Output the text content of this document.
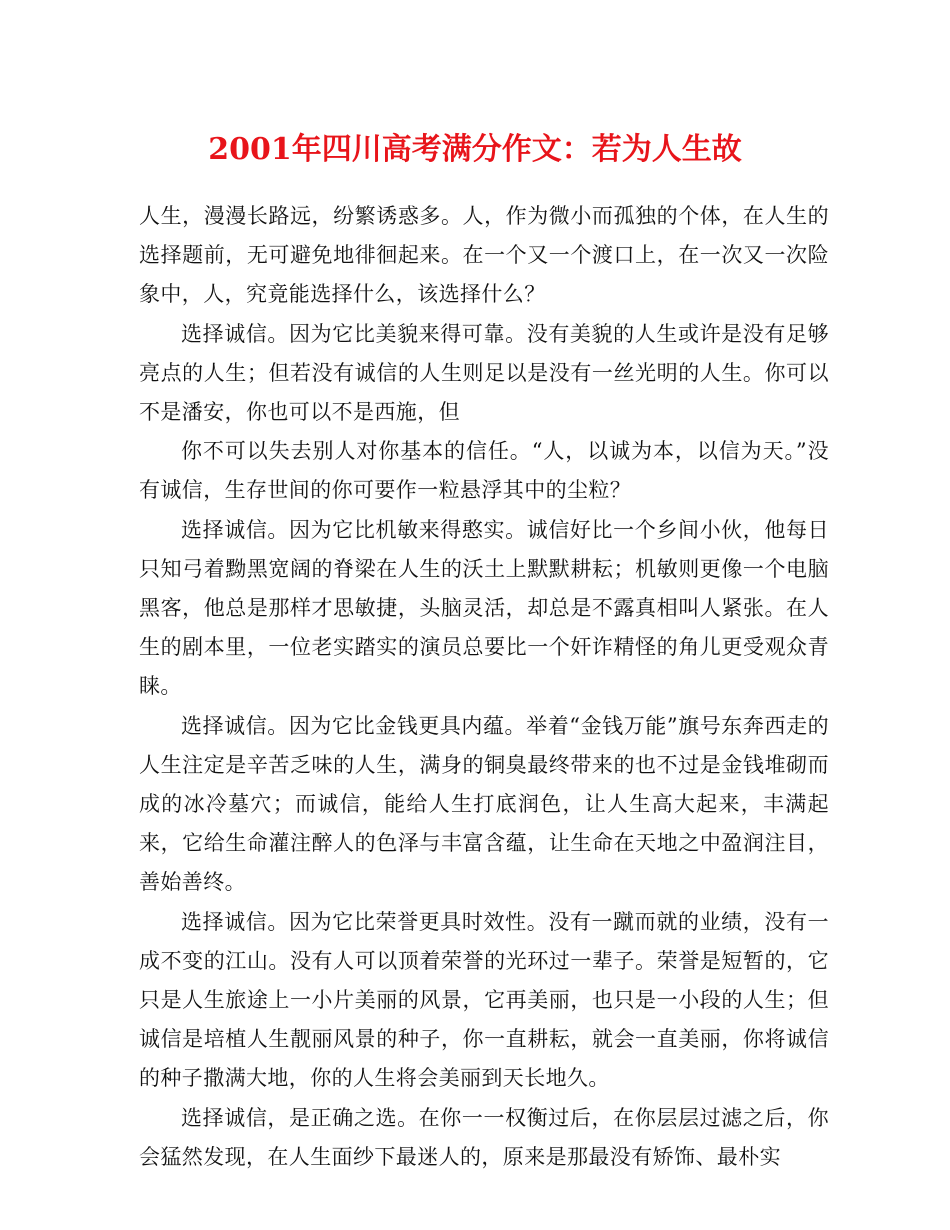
2001年四川高考满分作文：若为人生故

人生，漫漫长路远，纷繁诱惑多。人，作为微小而孤独的个体，在人生的选择题前，无可避免地徘徊起来。在一个又一个渡口上，在一次又一次险象中，人，究竟能选择什么，该选择什么？

选择诚信。因为它比美貌来得可靠。没有美貌的人生或许是没有足够亮点的人生；但若没有诚信的人生则足以是没有一丝光明的人生。你可以不是潘安，你也可以不是西施，但

你不可以失去别人对你基本的信任。“人，以诚为本，以信为天。”没有诚信，生存世间的你可要作一粒悬浮其中的尘粒？

选择诚信。因为它比机敏来得憨实。诚信好比一个乡间小伙，他每日只知弓着黝黑宽阔的脊梁在人生的沃土上默默耕耘；机敏则更像一个电脑黑客，他总是那样才思敏捷，头脑灵活，却总是不露真相叫人紧张。在人生的剧本里，一位老实踏实的演员总要比一个奸诈精怪的角儿更受观众青睐。

选择诚信。因为它比金钱更具内蕴。举着“金钱万能”旗号东奔西走的人生注定是辛苦乏味的人生，满身的铜臭最终带来的也不过是金钱堆砌而成的冰冷墓穴；而诚信，能给人生打底润色，让人生高大起来，丰满起来，它给生命灌注醉人的色泽与丰富含蕴，让生命在天地之中盈润注目，善始善终。

选择诚信。因为它比荣誉更具时效性。没有一蹴而就的业绩，没有一成不变的江山。没有人可以顶着荣誉的光环过一辈子。荣誉是短暂的，它只是人生旅途上一小片美丽的风景，它再美丽，也只是一小段的人生；但诚信是培植人生靓丽风景的种子，你一直耕耘，就会一直美丽，你将诚信的种子撒满大地，你的人生将会美丽到天长地久。

选择诚信，是正确之选。在你一一权衡过后，在你层层过滤之后，你会猛然发现，在人生面纱下最迷人的，原来是那最没有矫饰、最朴实
